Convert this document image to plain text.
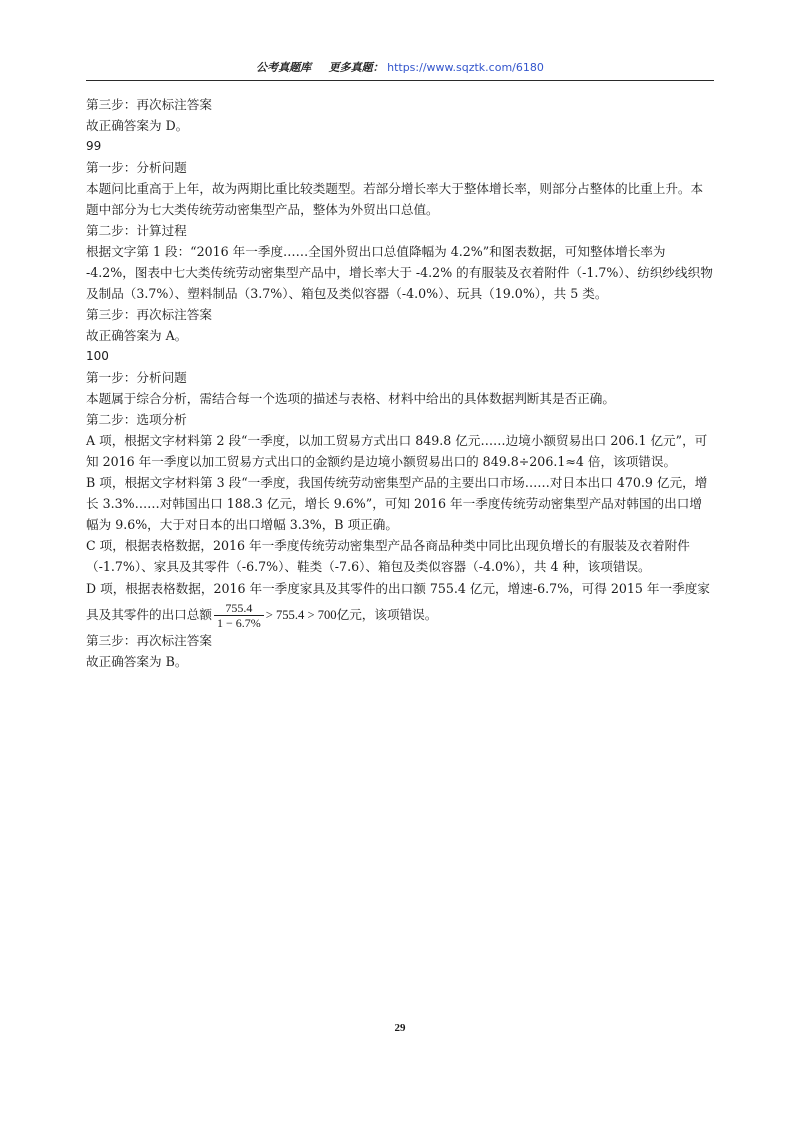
公考真题库 更多真题： https://www.sqztk.com/6180

第三步：再次标注答案

故正确答案为 D。

99

第一步：分析问题

本题问比重高于上年，故为两期比重比较类题型。若部分增长率大于整体增长率，则部分占整体的比重上升。本题中部分为七大类传统劳动密集型产品，整体为外贸出口总值。

第二步：计算过程

根据文字第 1 段：“2016 年一季度……全国外贸出口总值降幅为 4.2%”和图表数据，可知整体增长率为 -4.2%，图表中七大类传统劳动密集型产品中，增长率大于 -4.2% 的有服装及衣着附件（-1.7%）、纺织纱线织物及制品（3.7%）、塑料制品（3.7%）、箱包及类似容器（-4.0%）、玩具（19.0%），共 5 类。

第三步：再次标注答案

故正确答案为 A。

100

第一步：分析问题

本题属于综合分析，需结合每一个选项的描述与表格、材料中给出的具体数据判断其是否正确。

第二步：选项分析

A 项，根据文字材料第 2 段“一季度，以加工贸易方式出口 849.8 亿元……边境小额贸易出口 206.1 亿元”，可知 2016 年一季度以加工贸易方式出口的金额约是边境小额贸易出口的 849.8÷206.1≈4 倍，该项错误。

B 项，根据文字材料第 3 段“一季度，我国传统劳动密集型产品的主要出口市场……对日本出口 470.9 亿元，增长 3.3%……对韩国出口 188.3 亿元，增长 9.6%”，可知 2016 年一季度传统劳动密集型产品对韩国的出口增幅为 9.6%，大于对日本的出口增幅 3.3%，B 项正确。

C 项，根据表格数据，2016 年一季度传统劳动密集型产品各商品种类中同比出现负增长的有服装及衣着附件（-1.7%）、家具及其零件（-6.7%）、鞋类（-7.6）、箱包及类似容器（-4.0%），共 4 种，该项错误。

D 项，根据表格数据，2016 年一季度家具及其零件的出口额 755.4 亿元，增速-6.7%，可得 2015 年一季度家具及其零件的出口总额 $\frac{755.4}{1 - 6.7\%} > 755.4 > 700$亿元，该项错误。

第三步：再次标注答案

故正确答案为 B。

29
